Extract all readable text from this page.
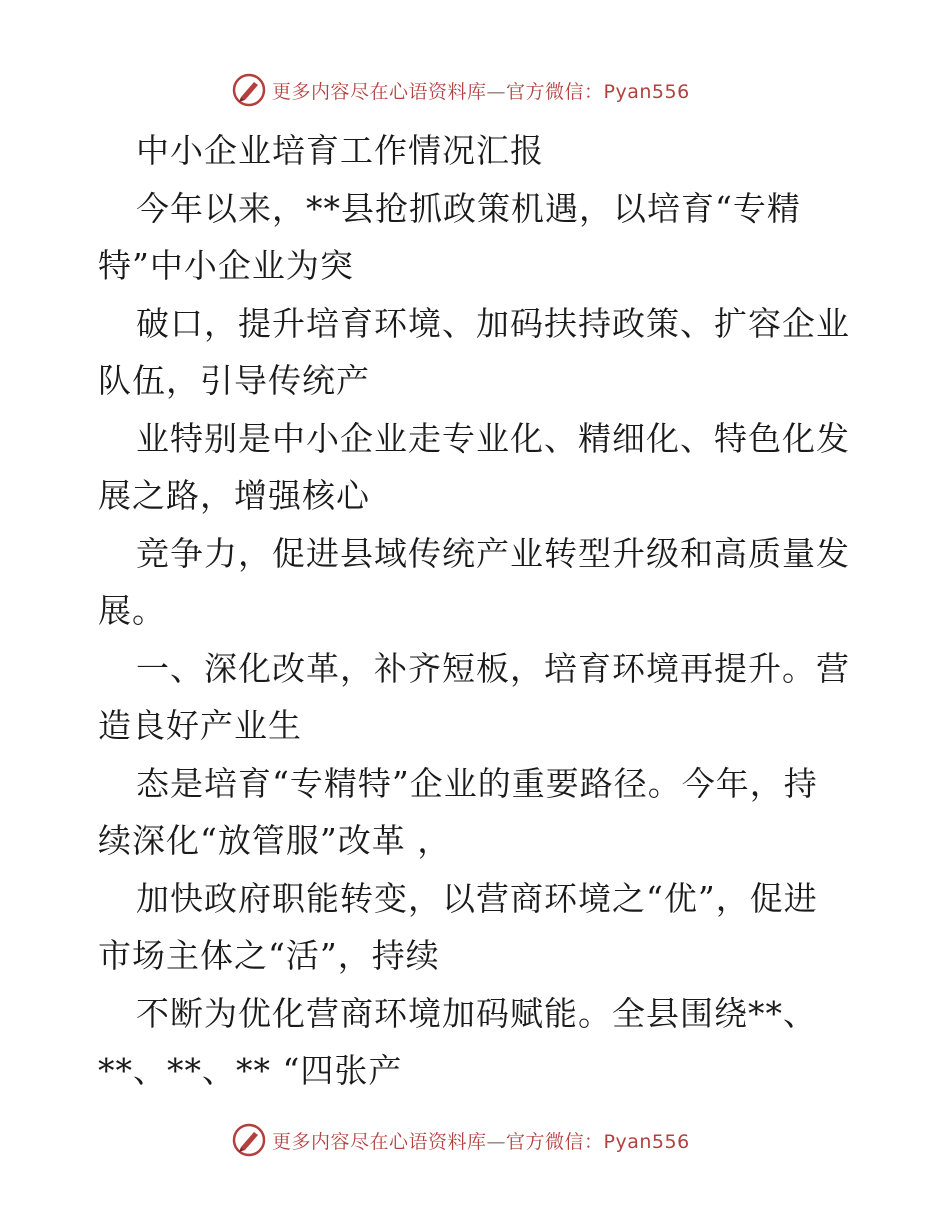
更多内容尽在心语资料库—官方微信：Pyan556
中小企业培育工作情况汇报
今年以来，**县抢抓政策机遇，以培育“专精
特”中小企业为突
破口，提升培育环境、加码扶持政策、扩容企业
队伍，引导传统产
业特别是中小企业走专业化、精细化、特色化发
展之路，增强核心
竞争力，促进县域传统产业转型升级和高质量发
展。
一、深化改革，补齐短板，培育环境再提升。营
造良好产业生
态是培育“专精特”企业的重要路径。今年，持
续深化“放管服”改革 ，
加快政府职能转变，以营商环境之“优”，促进
市场主体之“活”，持续
不断为优化营商环境加码赋能。全县围绕**、
**、**、** “四张产
更多内容尽在心语资料库—官方微信：Pyan556
